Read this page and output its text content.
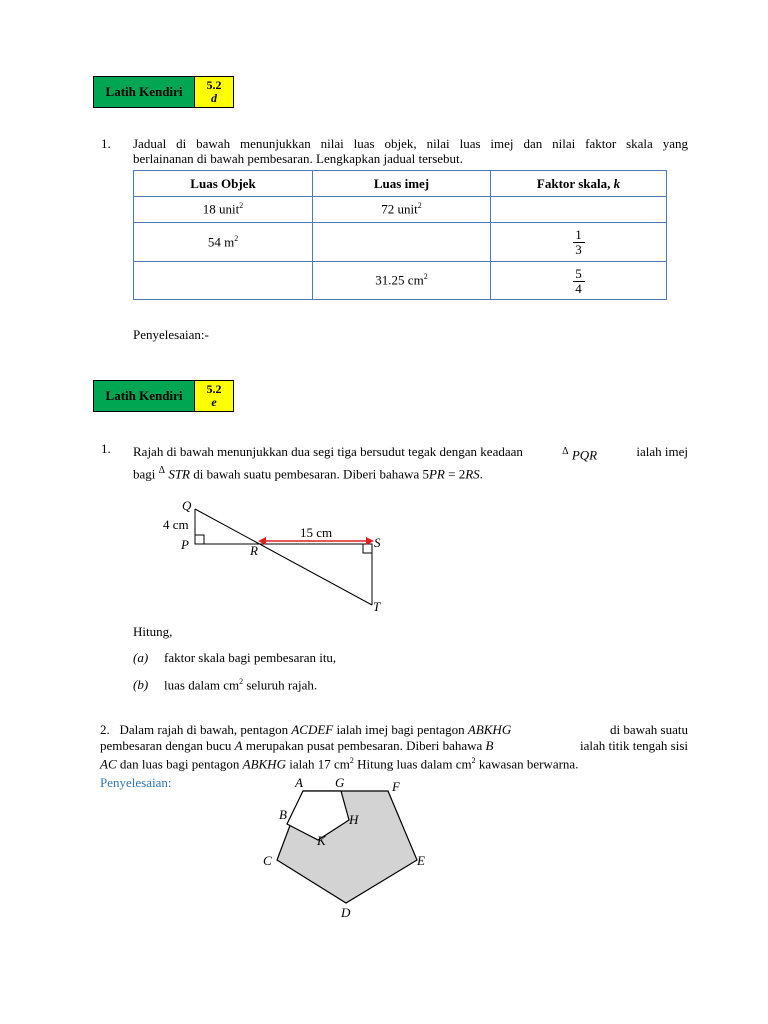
Latih Kendiri	5.2
d
1. Jadual di bawah menunjukkan nilai luas objek, nilai luas imej dan nilai faktor skala yang
berlainanan di bawah pembesaran. Lengkapkan jadual tersebut.
Luas Objek	Luas imej	Faktor skala, k
18 unit$^2$	72 unit$^2$	
54 $m^2$		$\frac{1}{3}$

	31.25 $cm^2$	$\frac{5}{4}$
Penyelesaian:-
Latih Kendiri	5.2
e
1. Rajah di bawah menunjukkan dua segi tiga bersudut tegak dengan keadaan	$^\Delta$ PQR	ialah imej
bagi $^\Delta$ STR di bawah suatu pembesaran. Diberi bahawa 5PR = 2RS.
Q
P	R
S
T
4 cm
15 cm
Hitung,
(a) faktor skala bagi pembesaran itu,
(b) luas dalam $cm^2$ seluruh rajah.
2. Dalam rajah di bawah, pentagon ACDEF ialah imej bagi pentagon ABKHG	di bawah suatu
pembesaran dengan bucu A merupakan pusat pembesaran. Diberi bahawa B	ialah titik tengah sisi
AC dan luas bagi pentagon ABKHG ialah 17 $cm^2$ Hitung luas dalam $cm^2$ kawasan berwarna.
Penyelesaian:	A G	F
B	H
K
C	E
D
